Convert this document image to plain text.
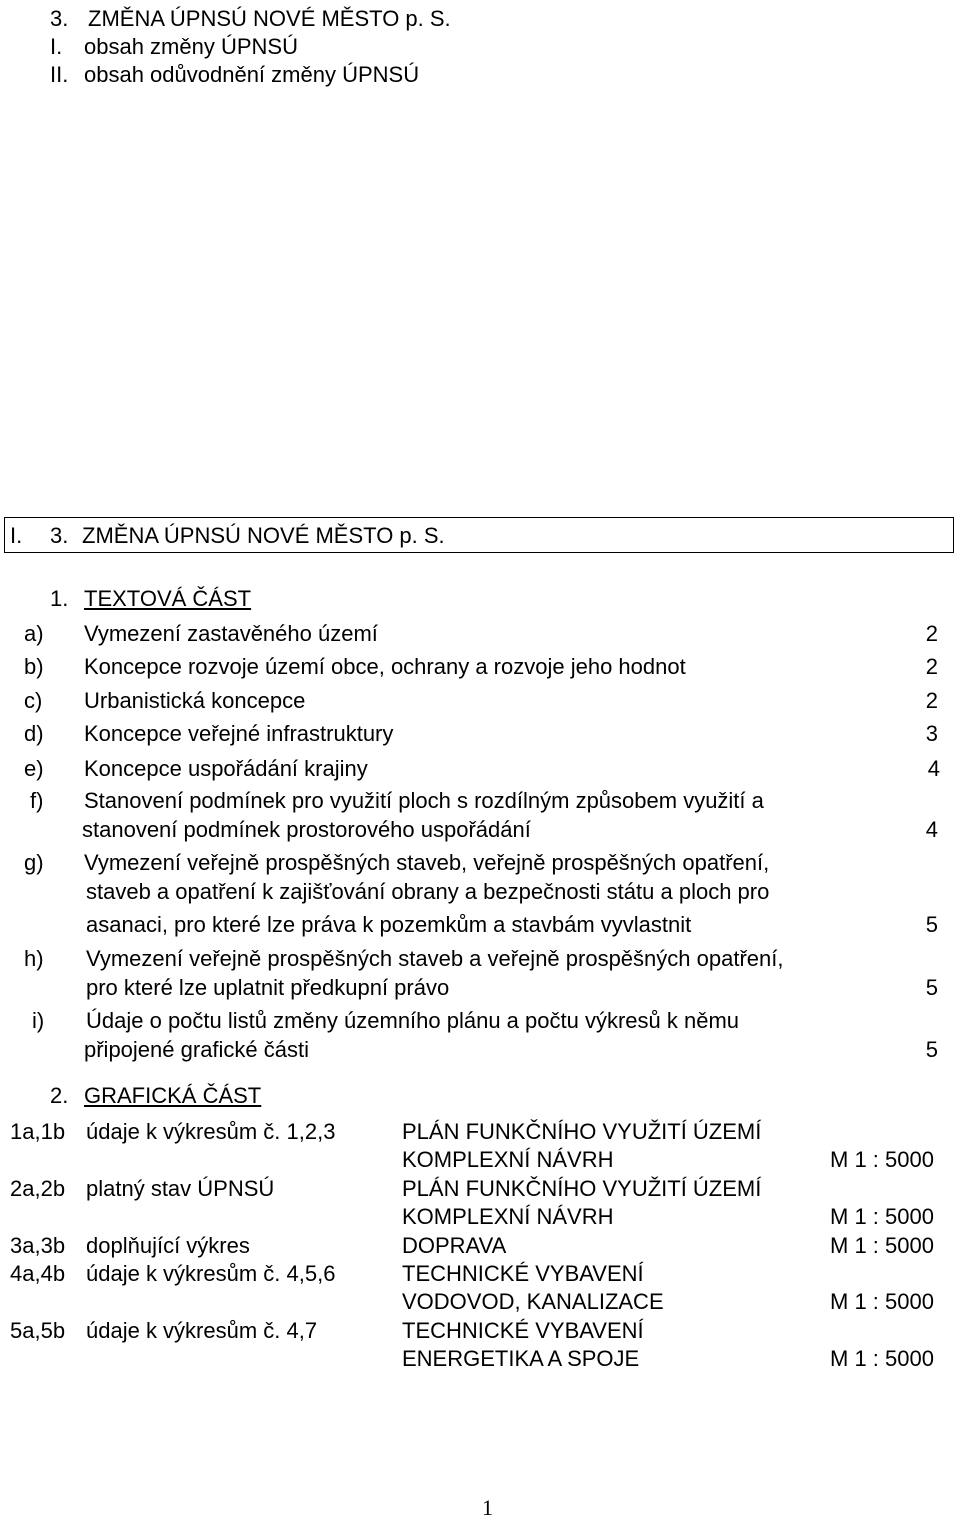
3. ZMĚNA ÚPNSÚ NOVÉ MĚSTO p. S.
I. obsah změny ÚPNSÚ
II. obsah odůvodnění změny ÚPNSÚ
I. 3. ZMĚNA ÚPNSÚ NOVÉ MĚSTO p. S.
1. TEXTOVÁ ČÁST
a) Vymezení zastavěného území	2
b) Koncepce rozvoje území obce, ochrany a rozvoje jeho hodnot	2
c) Urbanistická koncepce	2
d) Koncepce veřejné infrastruktury	3
e) Koncepce uspořádání krajiny	4
f) Stanovení podmínek pro využití ploch s rozdílným způsobem využití a
stanovení podmínek prostorového uspořádání	4
g) Vymezení veřejně prospěšných staveb, veřejně prospěšných opatření,
staveb a opatření k zajišťování obrany a bezpečnosti státu a ploch pro
asanaci, pro které lze práva k pozemkům a stavbám vyvlastnit	5
h) Vymezení veřejně prospěšných staveb a veřejně prospěšných opatření,
pro které lze uplatnit předkupní právo	5
i) Údaje o počtu listů změny územního plánu a počtu výkresů k němu
připojené grafické části	5
2. GRAFICKÁ ČÁST
1a,1b údaje k výkresům č. 1,2,3	PLÁN FUNKČNÍHO VYUŽITÍ ÚZEMÍ
KOMPLEXNÍ NÁVRH	M 1 : 5000
2a,2b platný stav ÚPNSÚ	PLÁN FUNKČNÍHO VYUŽITÍ ÚZEMÍ
KOMPLEXNÍ NÁVRH	M 1 : 5000
3a,3b doplňující výkres	DOPRAVA	M 1 : 5000
4a,4b údaje k výkresům č. 4,5,6	TECHNICKÉ VYBAVENÍ
VODOVOD, KANALIZACE	M 1 : 5000
5a,5b údaje k výkresům č. 4,7	TECHNICKÉ VYBAVENÍ
ENERGETIKA A SPOJE	M 1 : 5000
1
